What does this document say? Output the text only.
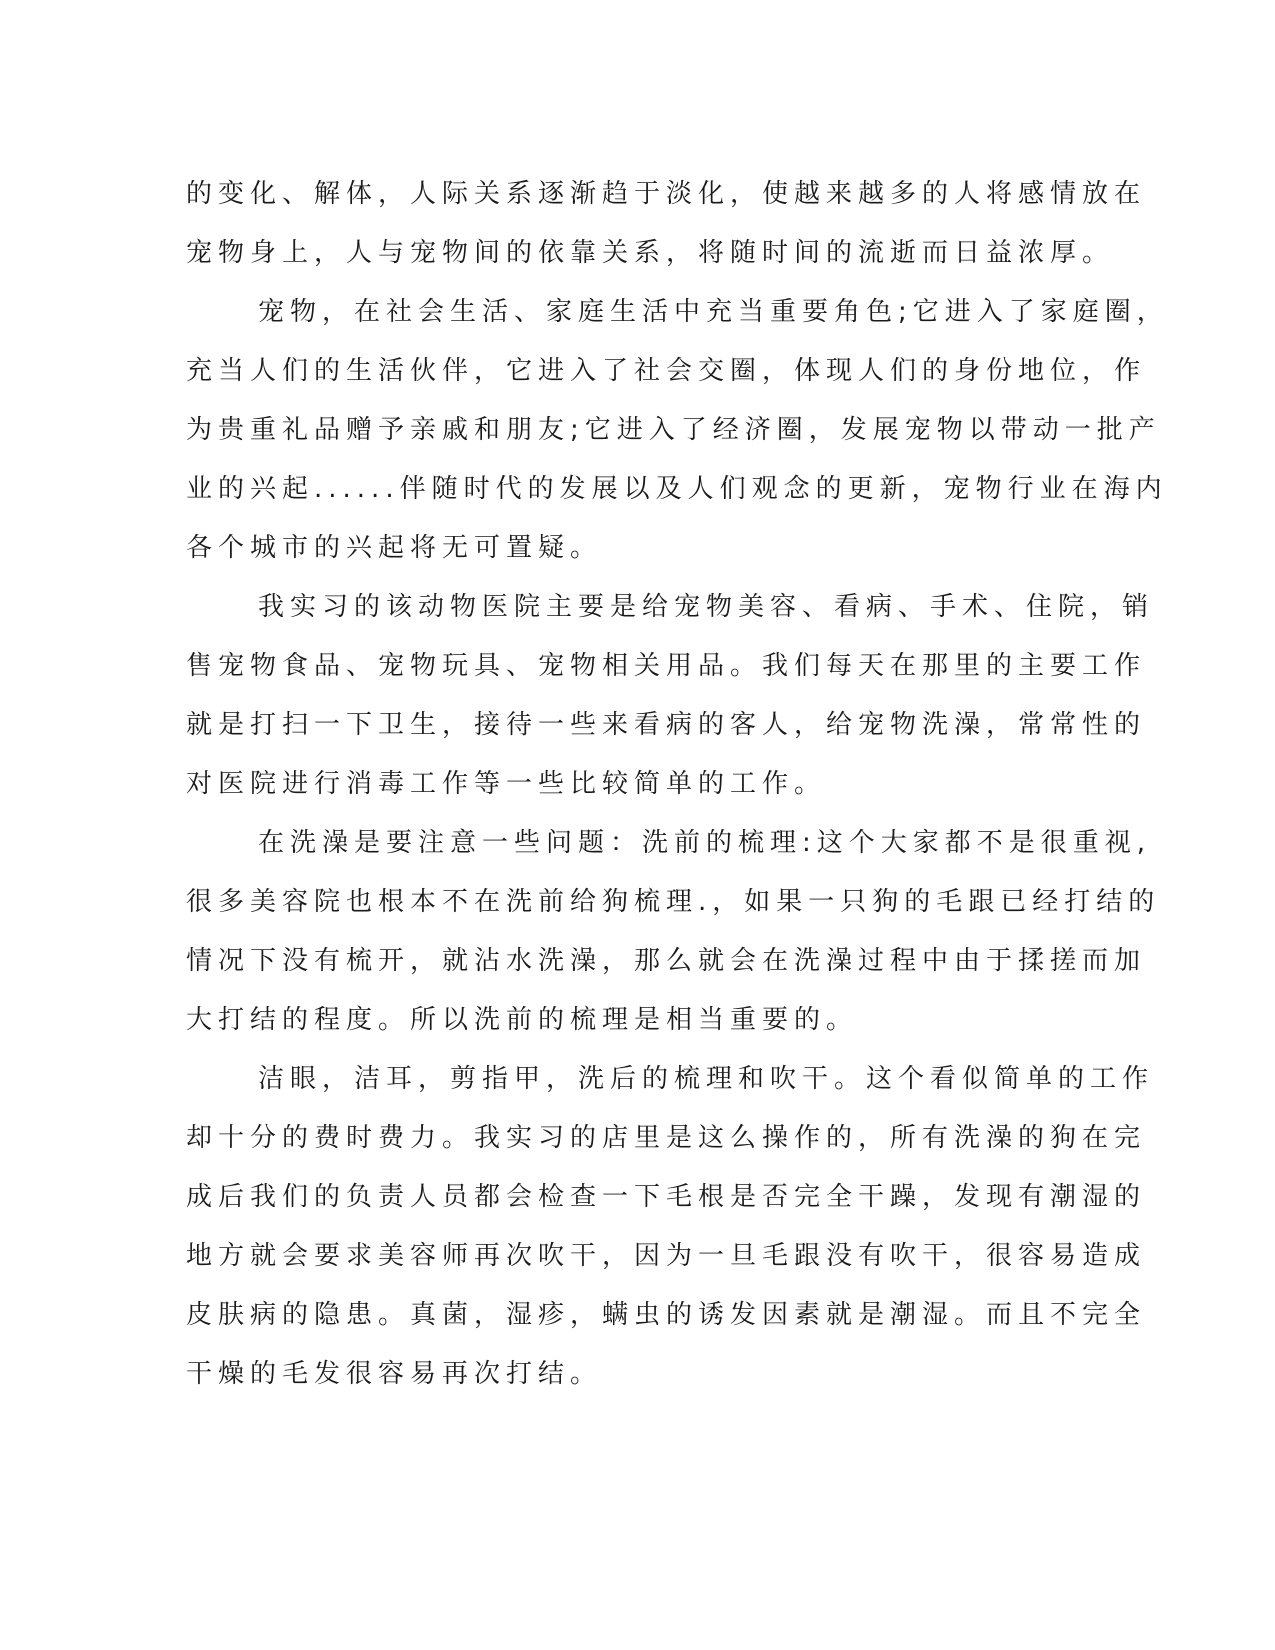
的变化、解体，人际关系逐渐趋于淡化，使越来越多的人将感情放在
宠物身上，人与宠物间的依靠关系，将随时间的流逝而日益浓厚。
宠物，在社会生活、家庭生活中充当重要角色;它进入了家庭圈，
充当人们的生活伙伴，它进入了社会交圈，体现人们的身份地位，作
为贵重礼品赠予亲戚和朋友;它进入了经济圈，发展宠物以带动一批产
业的兴起......伴随时代的发展以及人们观念的更新，宠物行业在海内
各个城市的兴起将无可置疑。
我实习的该动物医院主要是给宠物美容、看病、手术、住院，销
售宠物食品、宠物玩具、宠物相关用品。我们每天在那里的主要工作
就是打扫一下卫生，接待一些来看病的客人，给宠物洗澡，常常性的
对医院进行消毒工作等一些比较简单的工作。
在洗澡是要注意一些问题：洗前的梳理:这个大家都不是很重视,
很多美容院也根本不在洗前给狗梳理.，如果一只狗的毛跟已经打结的
情况下没有梳开，就沾水洗澡，那么就会在洗澡过程中由于揉搓而加
大打结的程度。所以洗前的梳理是相当重要的。
洁眼，洁耳，剪指甲，洗后的梳理和吹干。这个看似简单的工作
却十分的费时费力。我实习的店里是这么操作的，所有洗澡的狗在完
成后我们的负责人员都会检查一下毛根是否完全干躁，发现有潮湿的
地方就会要求美容师再次吹干，因为一旦毛跟没有吹干，很容易造成
皮肤病的隐患。真菌，湿疹，螨虫的诱发因素就是潮湿。而且不完全
干燥的毛发很容易再次打结。
